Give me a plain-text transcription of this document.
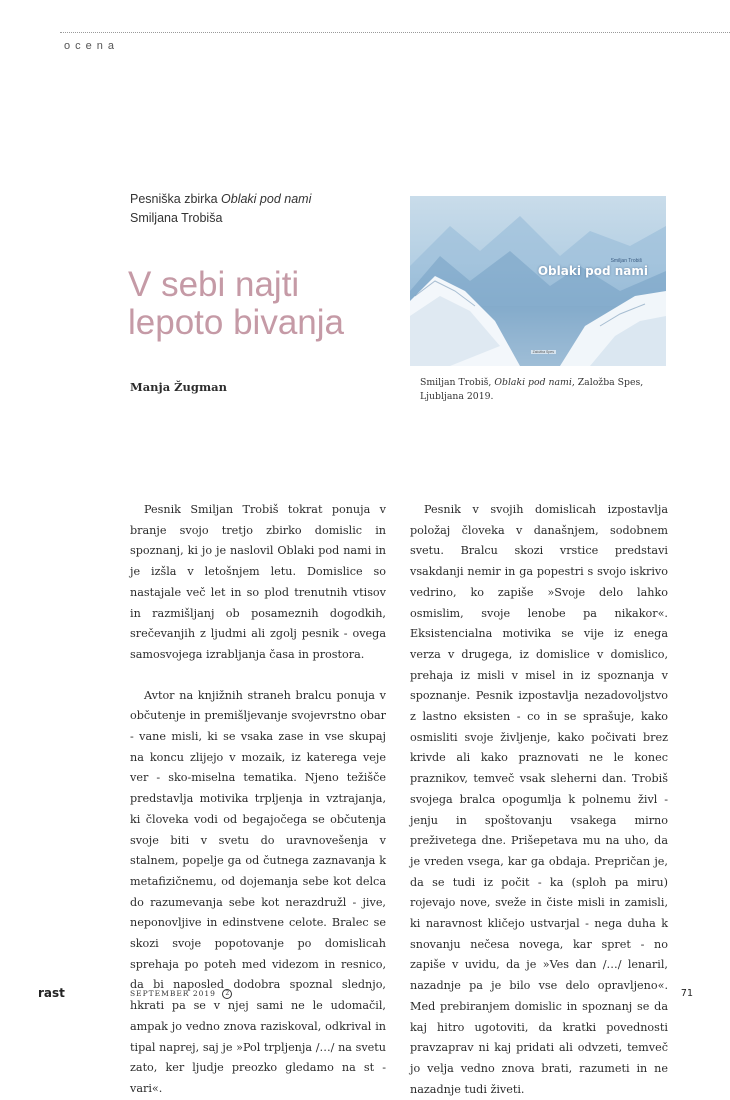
ocena
Pesniška zbirka Oblaki pod nami
Smiljana Trobiša
V sebi najti
lepoto bivanja
Manja Žugman
Smiljan Trobiš
Oblaki pod nami
Založba Spes
Smiljan Trobiš, Oblaki pod nami, Založba Spes, Ljubljana 2019.

Pesnik Smiljan Trobiš tokrat ponuja v branje svojo tretjo zbirko domislic in spoznanj, ki jo je naslovil Oblaki pod nami in je izšla v letošnjem letu. Domislice so nastajale več let in so plod trenutnih vtisov in razmišljanj ob posameznih dogodkih, srečevanjih z ljudmi ali zgolj pesnik - ovega samosvojega izrabljanja časa in prostora.

Avtor na knjižnih straneh bralcu ponuja v občutenje in premišljevanje svojevrstno obar - vane misli, ki se vsaka zase in vse skupaj na koncu zlijejo v mozaik, iz katerega veje ver - sko-miselna tematika. Njeno težišče predstavlja motivika trpljenja in vztrajanja, ki človeka vodi od begajočega se občutenja svoje biti v svetu do uravnovešenja v stalnem, popelje ga od čutnega zaznavanja k metafizičnemu, od dojemanja sebe kot delca do razumevanja sebe kot nerazdružl - jive, neponovljive in edinstvene celote. Bralec se skozi svoje popotovanje po domislicah sprehaja po poteh med videzom in resnico, da bi naposled dodobra spoznal slednjo, hkrati pa se v njej sami ne le udomačil, ampak jo vedno znova raziskoval, odkrival in tipal naprej, saj je »Pol trpljenja /…/ na svetu zato, ker ljudje preozko gledamo na st - vari«.

Pesnik v svojih domislicah izpostavlja položaj človeka v današnjem, sodobnem svetu. Bralcu skozi vrstice predstavi vsakdanji nemir in ga popestri s svojo iskrivo vedrino, ko zapiše »Svoje delo lahko osmislim, svoje lenobe pa nikakor«. Eksistencialna motivika se vije iz enega verza v drugega, iz domislice v domislico, prehaja iz misli v misel in iz spoznanja v spoznanje. Pesnik izpostavlja nezadovoljstvo z lastno eksisten - co in se sprašuje, kako osmisliti svoje življenje, kako počivati brez krivde ali kako praznovati ne le konec praznikov, temveč vsak sleherni dan. Trobiš svojega bralca opogumlja k polnemu živl - jenju in spoštovanju vsakega mirno preživetega dne. Prišepetava mu na uho, da je vreden vsega, kar ga obdaja. Prepričan je, da se tudi iz počit - ka (sploh pa miru) rojevajo nove, sveže in čiste misli in zamisli, ki naravnost kličejo ustvarjal - nega duha k snovanju nečesa novega, kar spret - no zapiše v uvidu, da je »Ves dan /…/ lenaril, nazadnje pa je bilo vse delo opravljeno«. Med prebiranjem domislic in spoznanj se da kaj hitro ugotoviti, da kratki povednosti pravzaprav ni kaj pridati ali odvzeti, temveč jo velja vedno znova brati, razumeti in ne nazadnje tudi živeti.

rast	SEPTEMBER 2019 2	71
